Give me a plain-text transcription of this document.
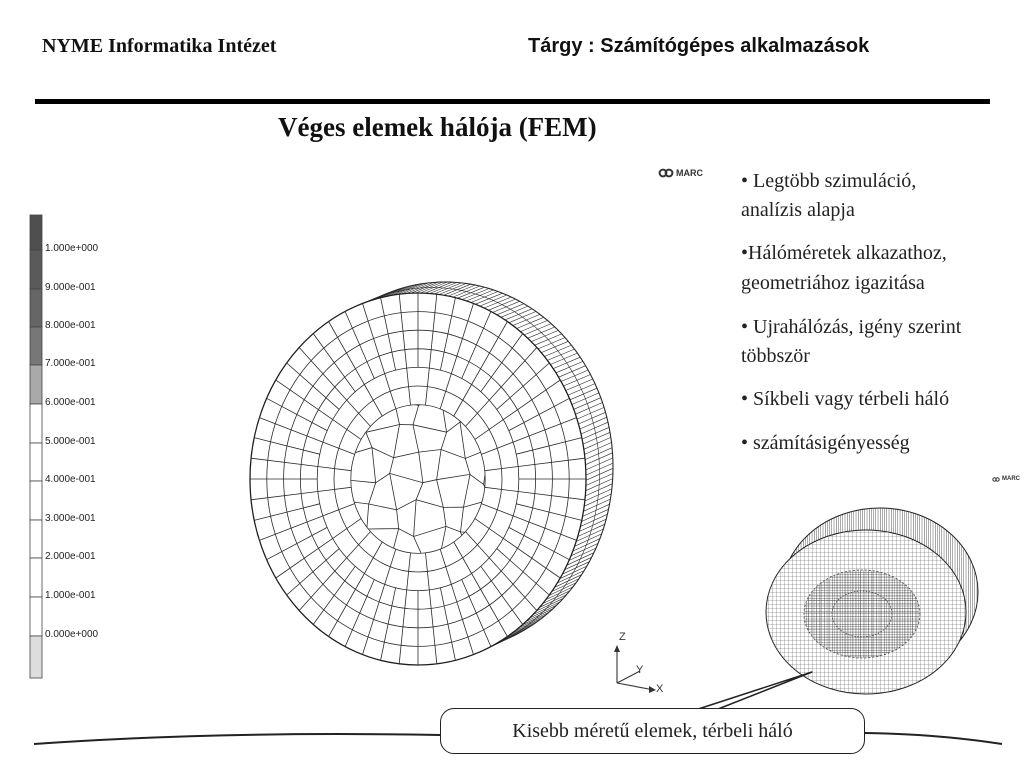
NYME Informatika Intézet	Tárgy : Számítógépes alkalmazások
Véges elemek hálója (FEM)
MARC
MARC
• Legtöbb szimuláció,
analízis alapja
•Hálóméretek alkazathoz,
geometriához igazitása
• Ujrahálózás, igény szerint
többször
• Síkbeli vagy térbeli háló
• számításigényesség
1.000e+000
9.000e-001
8.000e-001
7.000e-001
6.000e-001
5.000e-001
4.000e-001
3.000e-001
2.000e-001
1.000e-001
0.000e+000	Z
Y
X
Kisebb méretű elemek, térbeli háló
